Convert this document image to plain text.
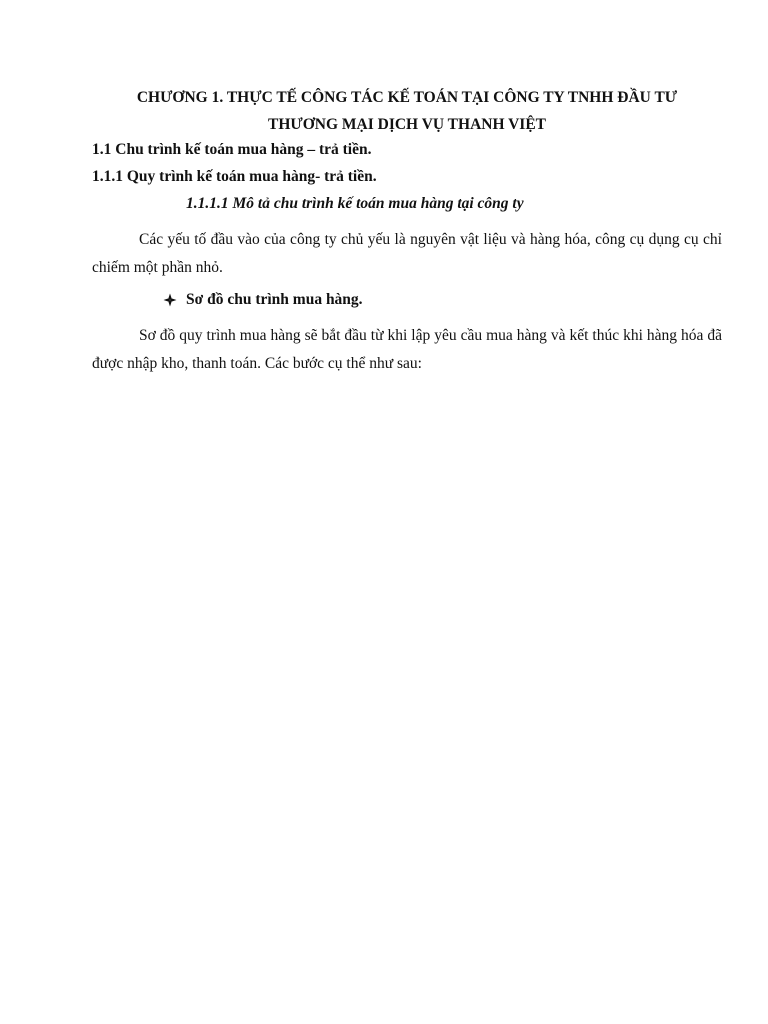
CHƯƠNG 1. THỰC TẾ CÔNG TÁC KẾ TOÁN TẠI CÔNG TY TNHH ĐẦU TƯ
THƯƠNG MẠI DỊCH VỤ THANH VIỆT
1.1 Chu trình kế toán mua hàng – trả tiền.
1.1.1 Quy trình kế toán mua hàng- trả tiền.
1.1.1.1 Mô tả chu trình kế toán mua hàng tại công ty

Các yếu tố đầu vào của công ty chủ yếu là nguyên vật liệu và hàng hóa, công cụ dụng cụ chỉ chiếm một phần nhỏ.

Sơ đồ chu trình mua hàng.

Sơ đồ quy trình mua hàng sẽ bắt đầu từ khi lập yêu cầu mua hàng và kết thúc khi hàng hóa đã được nhập kho, thanh toán. Các bước cụ thể như sau:
